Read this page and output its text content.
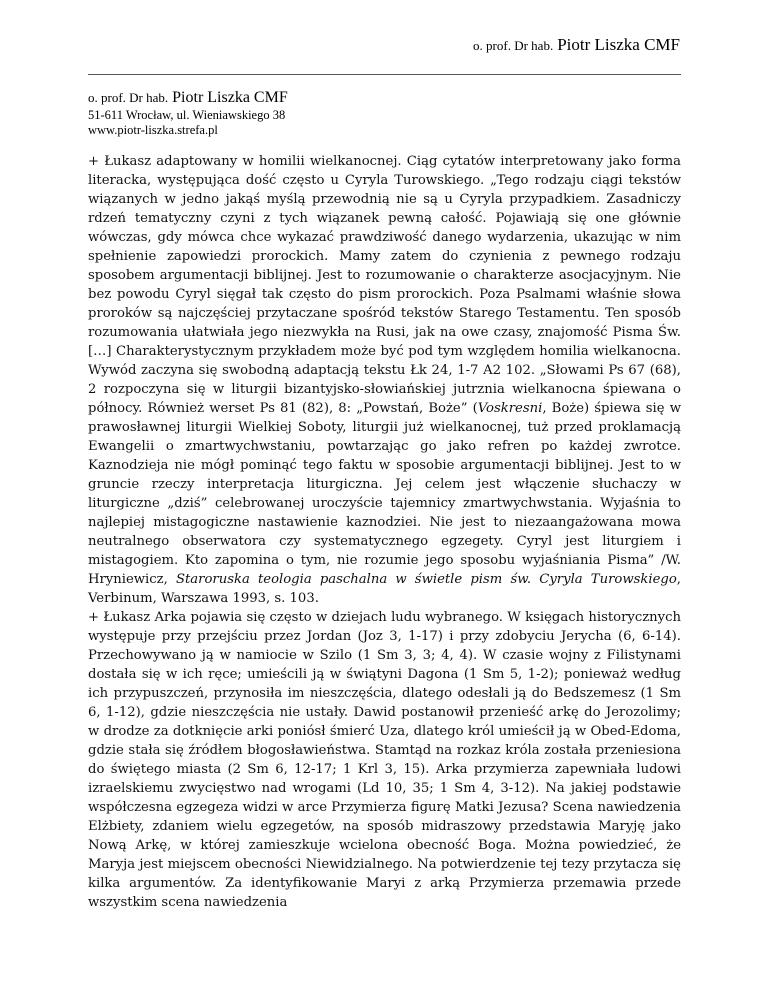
o. prof. Dr hab. Piotr Liszka CMF
o. prof. Dr hab. Piotr Liszka CMF
51-611 Wrocław, ul. Wieniawskiego 38
www.piotr-liszka.strefa.pl

+ Łukasz adaptowany w homilii wielkanocnej. Ciąg cytatów interpretowany jako forma literacka, występująca dość często u Cyryla Turowskiego. „Tego rodzaju ciągi tekstów wiązanych w jedno jakąś myślą przewodnią nie są u Cyryla przypadkiem. Zasadniczy rdzeń tematyczny czyni z tych wiązanek pewną całość. Pojawiają się one głównie wówczas, gdy mówca chce wykazać prawdziwość danego wydarzenia, ukazując w nim spełnienie zapowiedzi prorockich. Mamy zatem do czynienia z pewnego rodzaju sposobem argumentacji biblijnej. Jest to rozumowanie o charakterze asocjacyjnym. Nie bez powodu Cyryl sięgał tak często do pism prorockich. Poza Psalmami właśnie słowa proroków są najczęściej przytaczane spośród tekstów Starego Testamentu. Ten sposób rozumowania ułatwiała jego niezwykła na Rusi, jak na owe czasy, znajomość Pisma Św. […] Charakterystycznym przykładem może być pod tym względem homilia wielkanocna. Wywód zaczyna się swobodną adaptacją tekstu Łk 24, 1-7 A2 102. „Słowami Ps 67 (68), 2 rozpoczyna się w liturgii bizantyjsko-słowiańskiej jutrznia wielkanocna śpiewana o północy. Również werset Ps 81 (82), 8: „Powstań, Boże” (Voskresni, Boże) śpiewa się w prawosławnej liturgii Wielkiej Soboty, liturgii już wielkanocnej, tuż przed proklamacją Ewangelii o zmartwychwstaniu, powtarzając go jako refren po każdej zwrotce. Kaznodzieja nie mógł pominąć tego faktu w sposobie argumentacji biblijnej. Jest to w gruncie rzeczy interpretacja liturgiczna. Jej celem jest włączenie słuchaczy w liturgiczne „dziś” celebrowanej uroczyście tajemnicy zmartwychwstania. Wyjaśnia to najlepiej mistagogiczne nastawienie kaznodziei. Nie jest to niezaangażowana mowa neutralnego obserwatora czy systematycznego egzegety. Cyryl jest liturgiem i mistagogiem. Kto zapomina o tym, nie rozumie jego sposobu wyjaśniania Pisma” /W. Hryniewicz, Staroruska teologia paschalna w świetle pism św. Cyryla Turowskiego, Verbinum, Warszawa 1993, s. 103.

+ Łukasz Arka pojawia się często w dziejach ludu wybranego. W księgach historycznych występuje przy przejściu przez Jordan (Joz 3, 1-17) i przy zdobyciu Jerycha (6, 6-14). Przechowywano ją w namiocie w Szilo (1 Sm 3, 3; 4, 4). W czasie wojny z Filistynami dostała się w ich ręce; umieścili ją w świątyni Dagona (1 Sm 5, 1-2); ponieważ według ich przypuszczeń, przynosiła im nieszczęścia, dlatego odesłali ją do Bedszemesz (1 Sm 6, 1-12), gdzie nieszczęścia nie ustały. Dawid postanowił przenieść arkę do Jerozolimy; w drodze za dotknięcie arki poniósł śmierć Uza, dlatego król umieścił ją w Obed-Edoma, gdzie stała się źródłem błogosławieństwa. Stamtąd na rozkaz króla została przeniesiona do świętego miasta (2 Sm 6, 12-17; 1 Krl 3, 15). Arka przymierza zapewniała ludowi izraelskiemu zwycięstwo nad wrogami (Ld 10, 35; 1 Sm 4, 3-12). Na jakiej podstawie współczesna egzegeza widzi w arce Przymierza figurę Matki Jezusa? Scena nawiedzenia Elżbiety, zdaniem wielu egzegetów, na sposób midraszowy przedstawia Maryję jako Nową Arkę, w której zamieszkuje wcielona obecność Boga. Można powiedzieć, że Maryja jest miejscem obecności Niewidzialnego. Na potwierdzenie tej tezy przytacza się kilka argumentów. Za identyfikowanie Maryi z arką Przymierza przemawia przede wszystkim scena nawiedzenia
